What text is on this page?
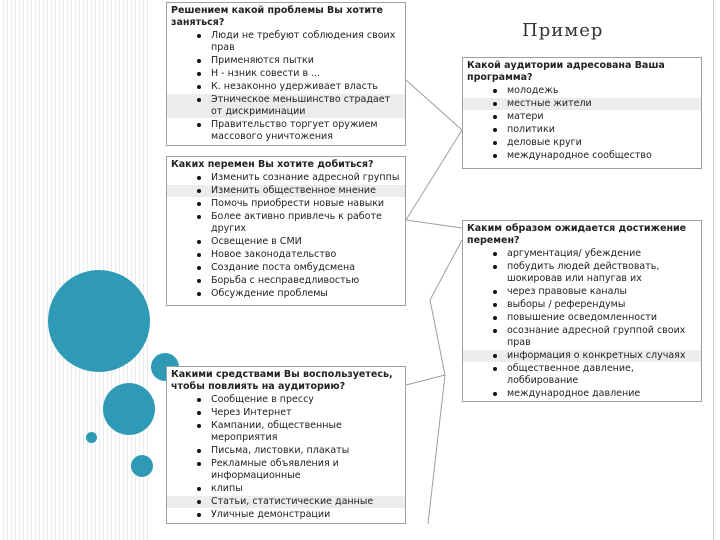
Пример
Решением какой проблемы Вы хотите заняться?
Люди не требуют соблюдения своих прав
Применяются пытки
Н - нзник совести в ...
К. незаконно удерживает власть
Этническое меньшинство страдает от дискриминации
Правительство торгует оружием массового уничтожения
Каких перемен Вы хотите добиться?
Изменить сознание адресной группы
Изменить общественное мнение
Помочь приобрести новые навыки
Более активно привлечь к работе других
Освещение в СМИ
Новое законодательство
Создание поста омбудсмена
Борьба с несправедливостью
Обсуждение проблемы
Какими средствами Вы воспользуетесь, чтобы повлиять на аудиторию?
Сообщение в прессу
Через Интернет
Кампании, общественные мероприятия
Письма, листовки, плакаты
Рекламные объявления и информационные
клипы
Статьи, статистические данные
Уличные демонстрации
Какой аудитории адресована Ваша программа?
молодежь
местные жители
матери
политики
деловые круги
международное сообщество
Каким образом ожидается достижение перемен?
аргументация/ убеждение
побудить людей действовать, шокировав или напугав их
через правовые каналы
выборы / референдумы
повышение осведомленности
осознание адресной группой своих прав
информация о конкретных случаях
общественное давление, лоббирование
международное давление
